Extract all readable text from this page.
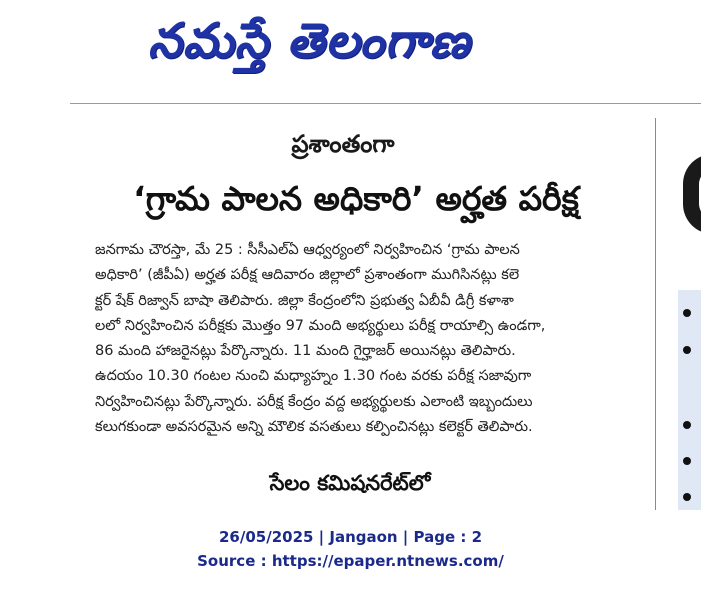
నమస్తే తెలంగాణ
ప్రశాంతంగా
‘గ్రామ పాలన అధికారి’ అర్హత పరీక్ష
జనగామ చౌరస్తా, మే 25 : సీసీఎల్ఏ ఆధ్వర్యంలో నిర్వహించిన ‘గ్రామ పాలన
అధికారి’ (జీపీఏ) అర్హత పరీక్ష ఆదివారం జిల్లాలో ప్రశాంతంగా ముగిసినట్లు కలె
క్టర్ షేక్ రిజ్వాన్ బాషా తెలిపారు. జిల్లా కేంద్రంలోని ప్రభుత్వ ఏబీవీ డిగ్రీ కళాశా
లలో నిర్వహించిన పరీక్షకు మొత్తం 97 మంది అభ్యర్థులు పరీక్ష రాయాల్సి ఉండగా,
86 మంది హాజరైనట్లు పేర్కొన్నారు. 11 మంది గైర్హాజర్ అయినట్లు తెలిపారు.
ఉదయం 10.30 గంటల నుంచి మధ్యాహ్నం 1.30 గంట వరకు పరీక్ష సజావుగా
నిర్వహించినట్లు పేర్కొన్నారు. పరీక్ష కేంద్రం వద్ద అభ్యర్థులకు ఎలాంటి ఇబ్బందులు
కలుగకుండా అవసరమైన అన్ని మౌలిక వసతులు కల్పించినట్లు కలెక్టర్ తెలిపారు.
సేలం కమిషనరేట్‌లో
26/05/2025 | Jangaon | Page : 2
Source : https://epaper.ntnews.com/
